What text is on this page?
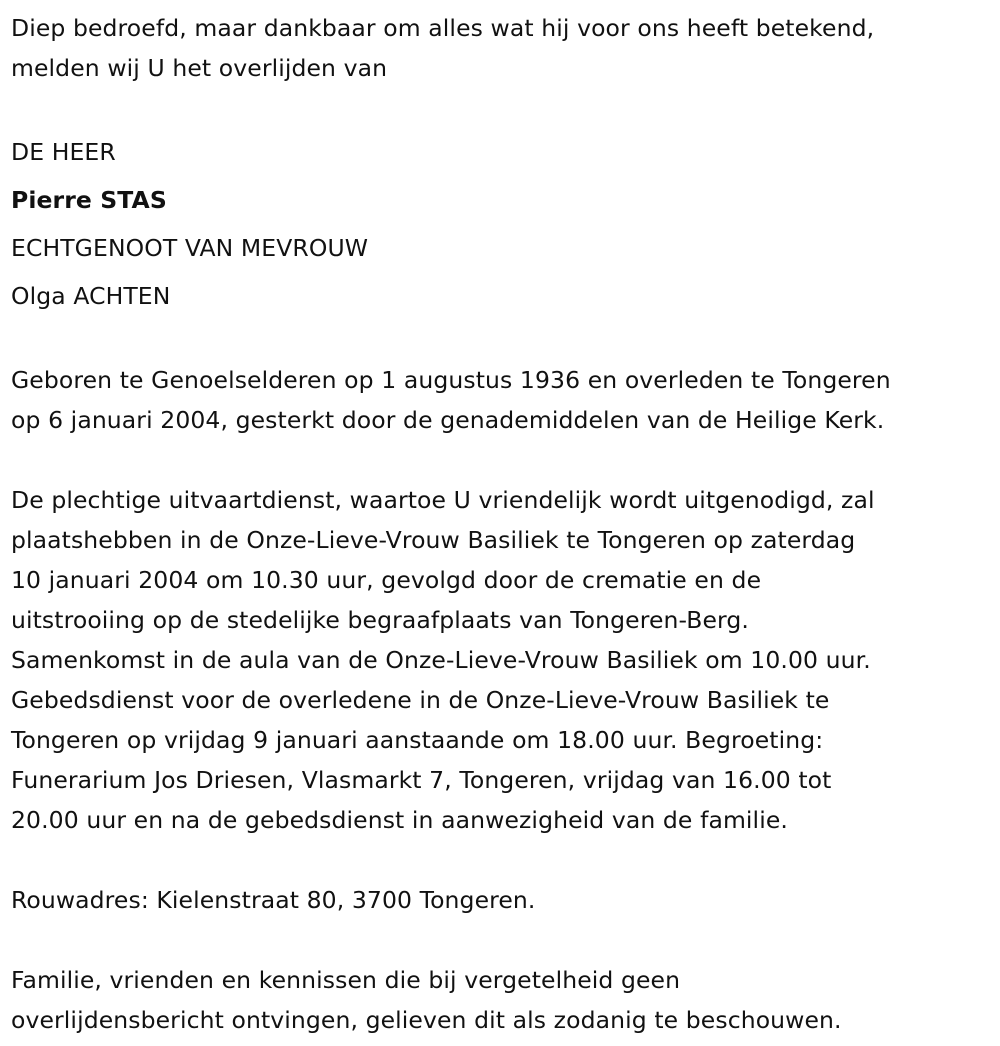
Diep bedroefd, maar dankbaar om alles wat hij voor ons heeft betekend,
melden wij U het overlijden van

DE HEER
Pierre STAS
ECHTGENOOT VAN MEVROUW
Olga ACHTEN

Geboren te Genoelselderen op 1 augustus 1936 en overleden te Tongeren
op 6 januari 2004, gesterkt door de genademiddelen van de Heilige Kerk.

De plechtige uitvaartdienst, waartoe U vriendelijk wordt uitgenodigd, zal
plaatshebben in de Onze-Lieve-Vrouw Basiliek te Tongeren op zaterdag
10 januari 2004 om 10.30 uur, gevolgd door de crematie en de
uitstrooiing op de stedelijke begraafplaats van Tongeren-Berg.
Samenkomst in de aula van de Onze-Lieve-Vrouw Basiliek om 10.00 uur.
Gebedsdienst voor de overledene in de Onze-Lieve-Vrouw Basiliek te
Tongeren op vrijdag 9 januari aanstaande om 18.00 uur. Begroeting:
Funerarium Jos Driesen, Vlasmarkt 7, Tongeren, vrijdag van 16.00 tot
20.00 uur en na de gebedsdienst in aanwezigheid van de familie.

Rouwadres: Kielenstraat 80, 3700 Tongeren.

Familie, vrienden en kennissen die bij vergetelheid geen
overlijdensbericht ontvingen, gelieven dit als zodanig te beschouwen.
